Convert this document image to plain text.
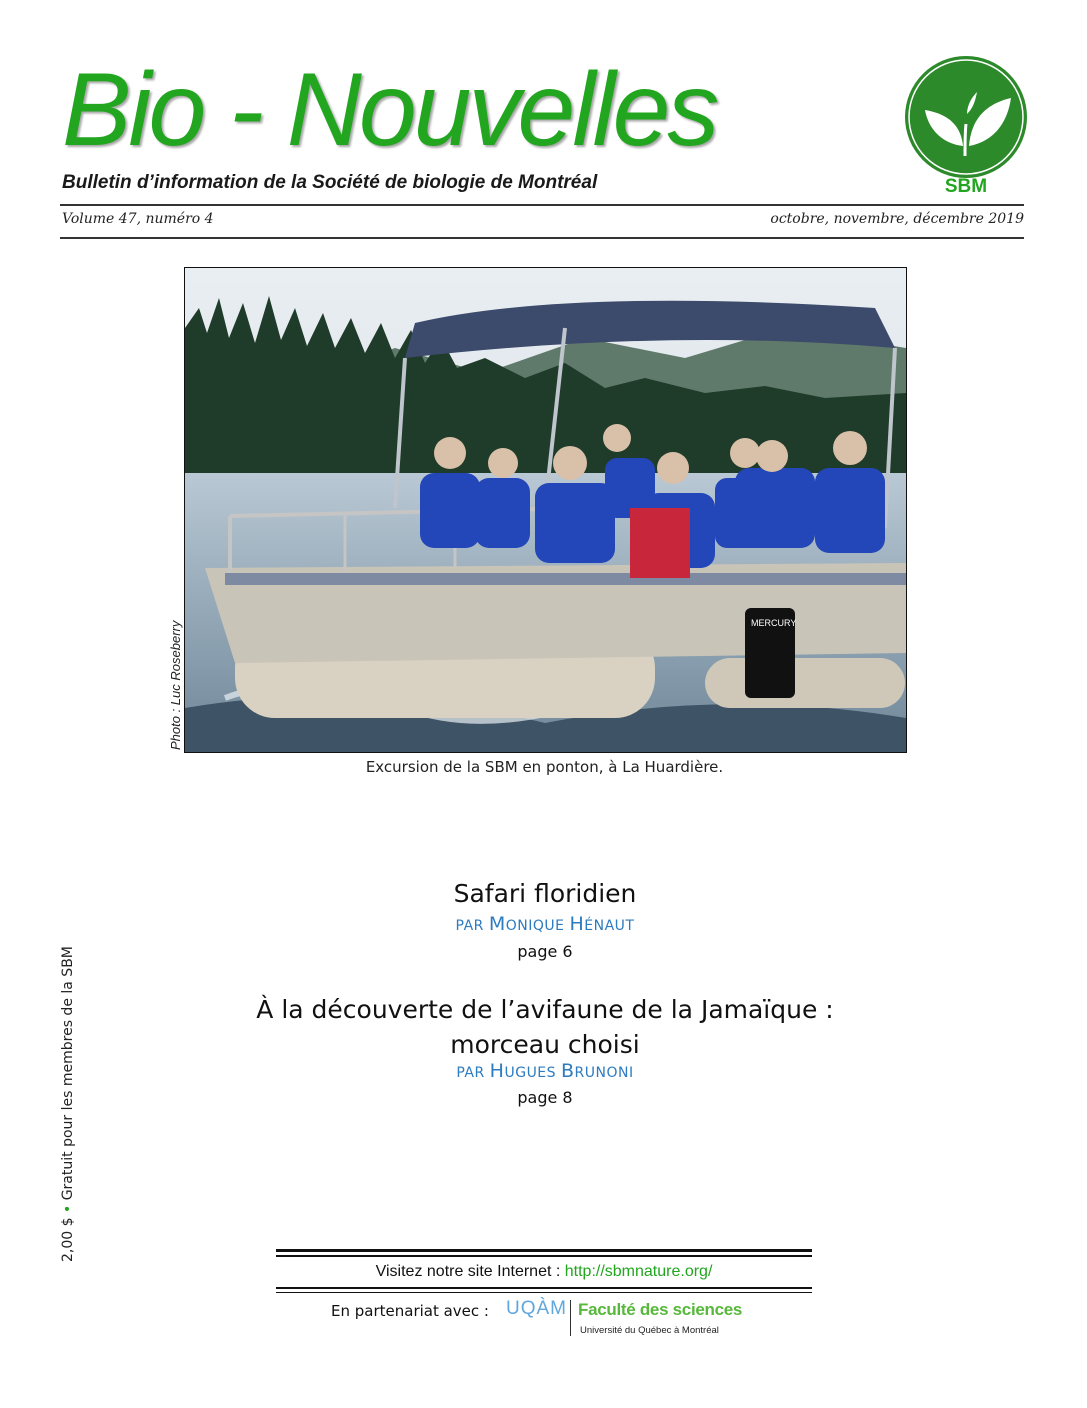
Bio - Nouvelles
Bulletin d’information de la Société de biologie de Montréal
Volume 47, numéro 4	octobre, novembre, décembre 2019
SBM
MERCURY
Photo : Luc Roseberry
Excursion de la SBM en ponton, à La Huardière.
Safari floridien
PAR MONIQUE HÉNAUT
page 6
À la découverte de l’avifaune de la Jamaïque :
morceau choisi
PAR HUGUES BRUNONI
page 8
2,00 $ • Gratuit pour les membres de la SBM
Visitez notre site Internet : http://sbmnature.org/
En partenariat avec : UQÀM Faculté des sciences
Université du Québec à Montréal
